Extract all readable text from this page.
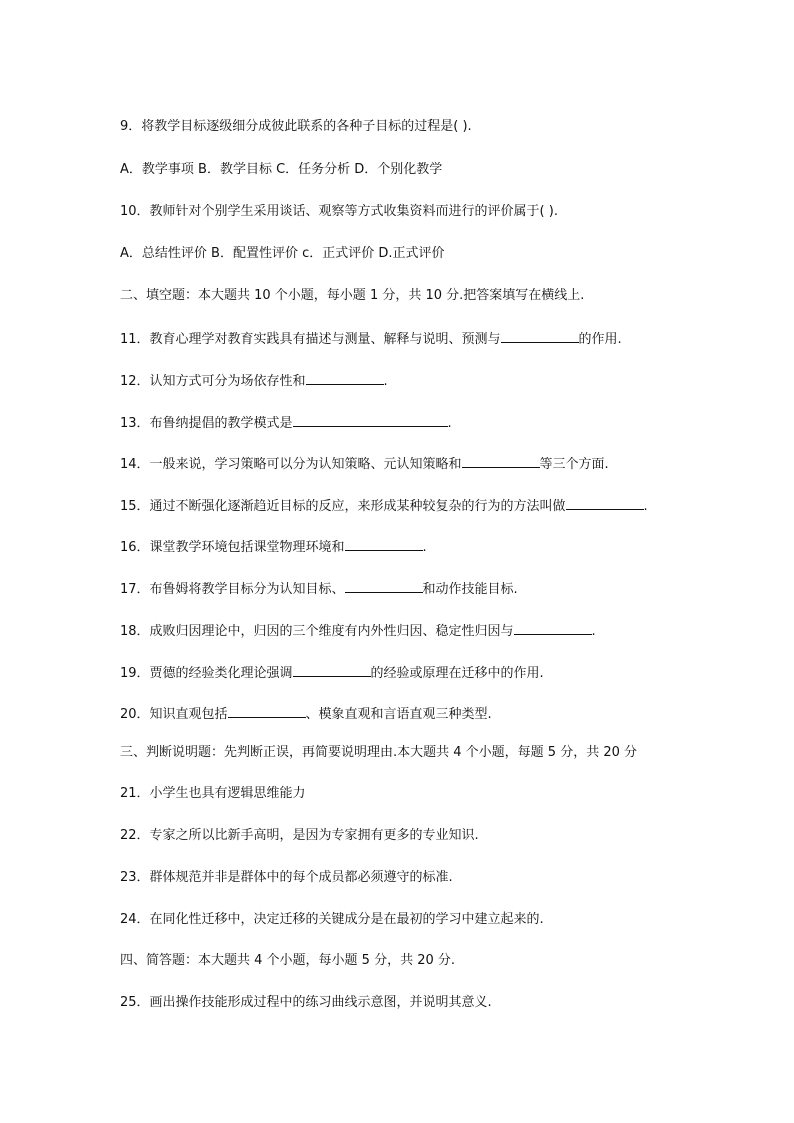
9．将教学目标逐级细分成彼此联系的各种子目标的过程是( ).
A．教学事项 B．教学目标 C．任务分析 D．个别化教学
10．教师针对个别学生采用谈话、观察等方式收集资料而进行的评价属于( ).
A．总结性评价 B．配置性评价 c．正式评价 D.正式评价
二、填空题：本大题共 10 个小题，每小题 1 分，共 10 分.把答案填写在横线上.
11．教育心理学对教育实践具有描述与测量、解释与说明、预测与	的作用.
12．认知方式可分为场依存性和	.
13．布鲁纳提倡的教学模式是	.
14．一般来说，学习策略可以分为认知策略、元认知策略和	等三个方面.
15．通过不断强化逐渐趋近目标的反应，来形成某种较复杂的行为的方法叫做	.
16．课堂教学环境包括课堂物理环境和	.
17．布鲁姆将教学目标分为认知目标、	和动作技能目标.
18．成败归因理论中，归因的三个维度有内外性归因、稳定性归因与	.
19．贾德的经验类化理论强调	的经验或原理在迁移中的作用.
20．知识直观包括	、模象直观和言语直观三种类型.
三、判断说明题：先判断正误，再简要说明理由.本大题共 4 个小题，每题 5 分，共 20 分
21．小学生也具有逻辑思维能力
22．专家之所以比新手高明，是因为专家拥有更多的专业知识.
23．群体规范并非是群体中的每个成员都必须遵守的标准.
24．在同化性迁移中，决定迁移的关键成分是在最初的学习中建立起来的.
四、简答题：本大题共 4 个小题，每小题 5 分，共 20 分.
25．画出操作技能形成过程中的练习曲线示意图，并说明其意义.
